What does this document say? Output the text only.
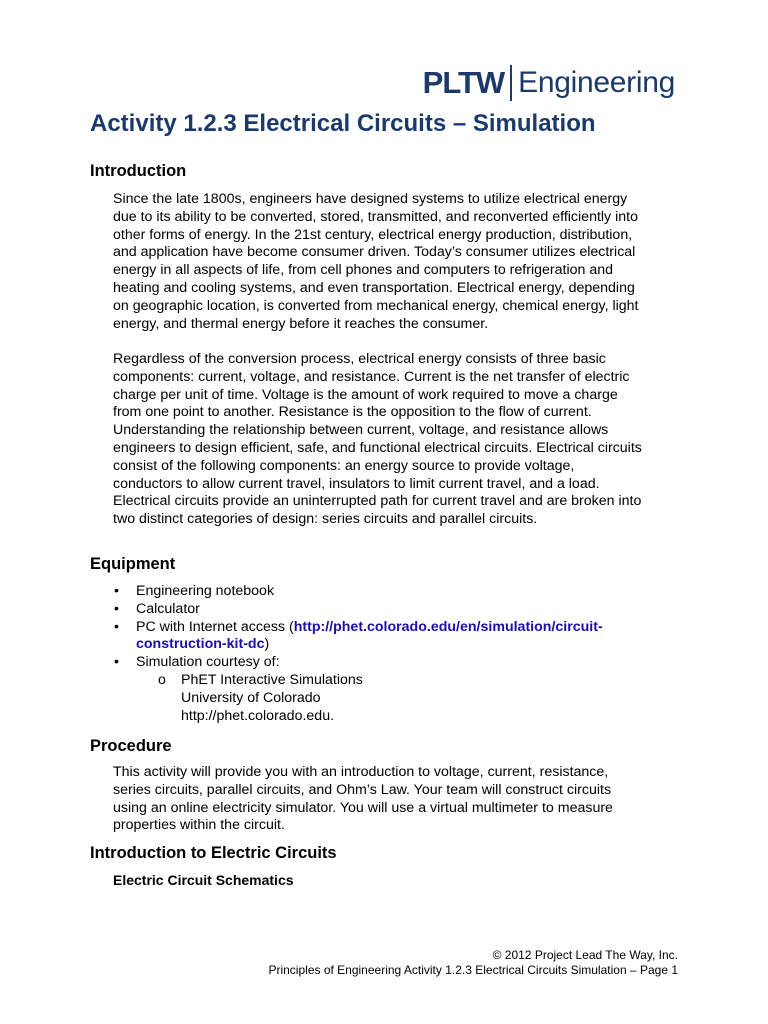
PLTW Engineering
Activity 1.2.3 Electrical Circuits – Simulation
Introduction
Since the late 1800s, engineers have designed systems to utilize electrical energy
due to its ability to be converted, stored, transmitted, and reconverted efficiently into
other forms of energy. In the 21st century, electrical energy production, distribution,
and application have become consumer driven. Today’s consumer utilizes electrical
energy in all aspects of life, from cell phones and computers to refrigeration and
heating and cooling systems, and even transportation. Electrical energy, depending
on geographic location, is converted from mechanical energy, chemical energy, light
energy, and thermal energy before it reaches the consumer.
Regardless of the conversion process, electrical energy consists of three basic
components: current, voltage, and resistance. Current is the net transfer of electric
charge per unit of time. Voltage is the amount of work required to move a charge
from one point to another. Resistance is the opposition to the flow of current.
Understanding the relationship between current, voltage, and resistance allows
engineers to design efficient, safe, and functional electrical circuits. Electrical circuits
consist of the following components: an energy source to provide voltage,
conductors to allow current travel, insulators to limit current travel, and a load.
Electrical circuits provide an uninterrupted path for current travel and are broken into
two distinct categories of design: series circuits and parallel circuits.
Equipment
• Engineering notebook
• Calculator
• PC with Internet access (http://phet.colorado.edu/en/simulation/circuit-
construction-kit-dc)
• Simulation courtesy of:
o PhET Interactive Simulations
University of Colorado
http://phet.colorado.edu.
Procedure
This activity will provide you with an introduction to voltage, current, resistance,
series circuits, parallel circuits, and Ohm’s Law. Your team will construct circuits
using an online electricity simulator. You will use a virtual multimeter to measure
properties within the circuit.
Introduction to Electric Circuits
Electric Circuit Schematics
© 2012 Project Lead The Way, Inc.
Principles of Engineering Activity 1.2.3 Electrical Circuits Simulation – Page 1
